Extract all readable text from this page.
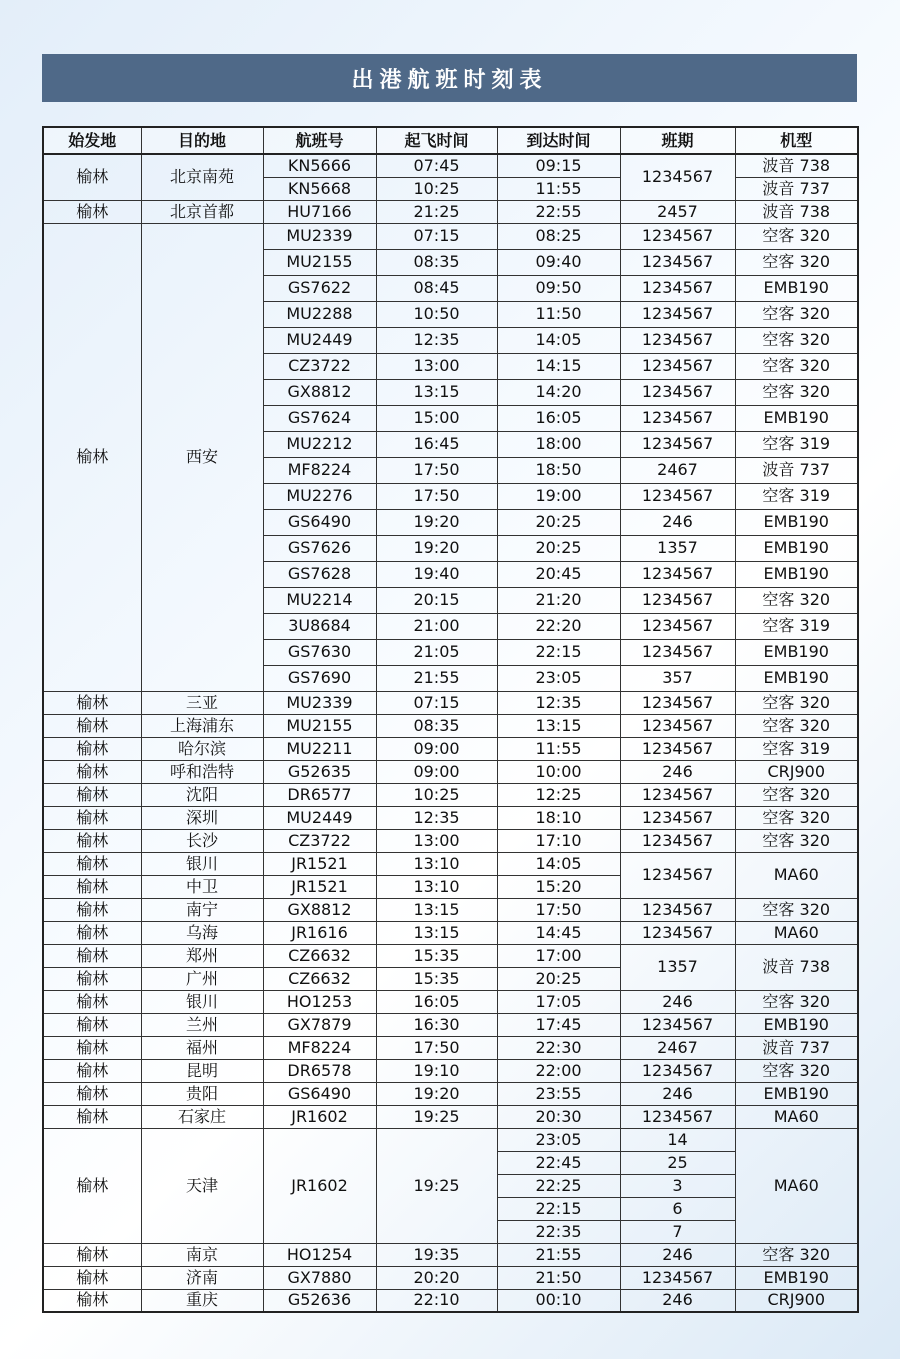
出港航班时刻表
始发地	目的地	航班号	起飞时间	到达时间	班期	机型
榆林	北京南苑	KN5666	07:45	09:15	1234567	波音 738
		KN5668	10:25	11:55		波音 737
榆林	北京首都	HU7166	21:25	22:55	2457	波音 738
榆林	西安	MU2339	07:15	08:25	1234567	空客 320
		MU2155	08:35	09:40	1234567	空客 320
		GS7622	08:45	09:50	1234567	EMB190
		MU2288	10:50	11:50	1234567	空客 320
		MU2449	12:35	14:05	1234567	空客 320
		CZ3722	13:00	14:15	1234567	空客 320
		GX8812	13:15	14:20	1234567	空客 320
		GS7624	15:00	16:05	1234567	EMB190
		MU2212	16:45	18:00	1234567	空客 319
		MF8224	17:50	18:50	2467	波音 737
		MU2276	17:50	19:00	1234567	空客 319
		GS6490	19:20	20:25	246	EMB190
		GS7626	19:20	20:25	1357	EMB190
		GS7628	19:40	20:45	1234567	EMB190
		MU2214	20:15	21:20	1234567	空客 320
		3U8684	21:00	22:20	1234567	空客 319
		GS7630	21:05	22:15	1234567	EMB190
		GS7690	21:55	23:05	357	EMB190
榆林	三亚	MU2339	07:15	12:35	1234567	空客 320
榆林	上海浦东	MU2155	08:35	13:15	1234567	空客 320
榆林	哈尔滨	MU2211	09:00	11:55	1234567	空客 319
榆林	呼和浩特	G52635	09:00	10:00	246	CRJ900
榆林	沈阳	DR6577	10:25	12:25	1234567	空客 320
榆林	深圳	MU2449	12:35	18:10	1234567	空客 320
榆林	长沙	CZ3722	13:00	17:10	1234567	空客 320
榆林	银川	JR1521	13:10	14:05	1234567	MA60
榆林	中卫	JR1521	13:10	15:20		
榆林	南宁	GX8812	13:15	17:50	1234567	空客 320
榆林	乌海	JR1616	13:15	14:45	1234567	MA60
榆林	郑州	CZ6632	15:35	17:00	1357	波音 738
榆林	广州	CZ6632	15:35	20:25		
榆林	银川	HO1253	16:05	17:05	246	空客 320
榆林	兰州	GX7879	16:30	17:45	1234567	EMB190
榆林	福州	MF8224	17:50	22:30	2467	波音 737
榆林	昆明	DR6578	19:10	22:00	1234567	空客 320
榆林	贵阳	GS6490	19:20	23:55	246	EMB190
榆林	石家庄	JR1602	19:25	20:30	1234567	MA60
榆林	天津	JR1602	19:25	23:05	14	MA60
				22:45	25	
				22:25	3	
				22:15	6	
				22:35	7	
榆林	南京	HO1254	19:35	21:55	246	空客 320
榆林	济南	GX7880	20:20	21:50	1234567	EMB190
榆林	重庆	G52636	22:10	00:10	246	CRJ900
